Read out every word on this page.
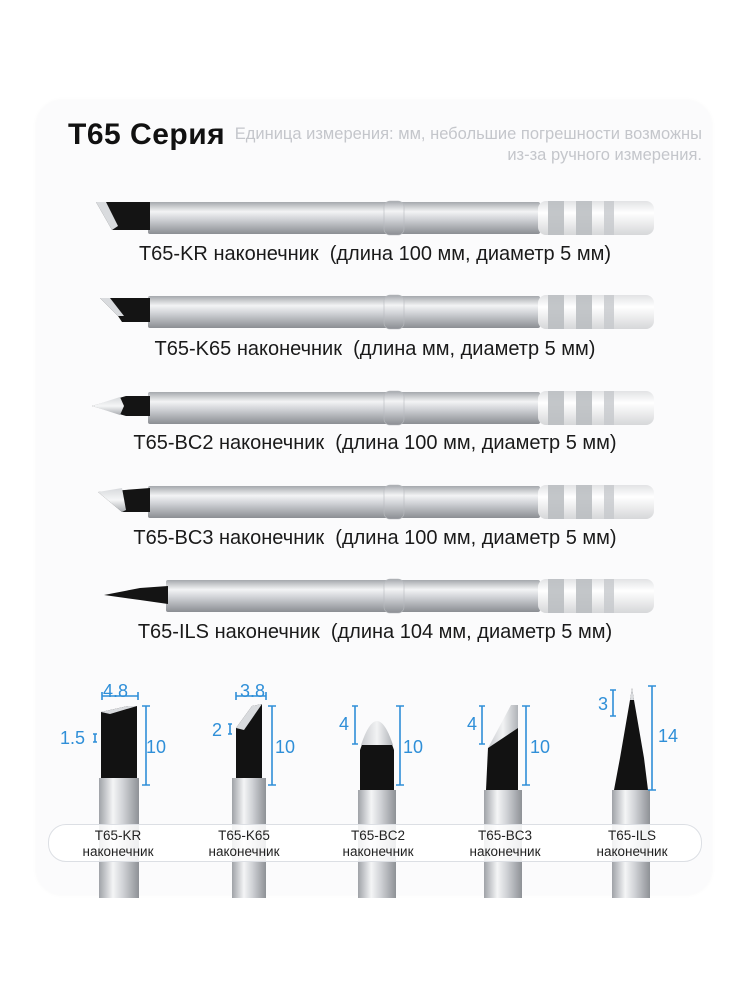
T65 Серия Единица измерения: мм, небольшие погрешности возможны из-за ручного измерения.
T65-KR наконечник (длина 100 мм, диаметр 5 мм)
T65-K65 наконечник (длина мм, диаметр 5 мм)
T65-BC2 наконечник (длина 100 мм, диаметр 5 мм)
T65-BC3 наконечник (длина 100 мм, диаметр 5 мм)
T65-ILS наконечник (длина 104 мм, диаметр 5 мм)
4.8
1.5	10
3.8
2
10
4
10
4
10
3
14
T65-KR
наконечник
T65-K65
наконечник
T65-BC2
наконечник
T65-BC3
наконечник
T65-ILS
наконечник
